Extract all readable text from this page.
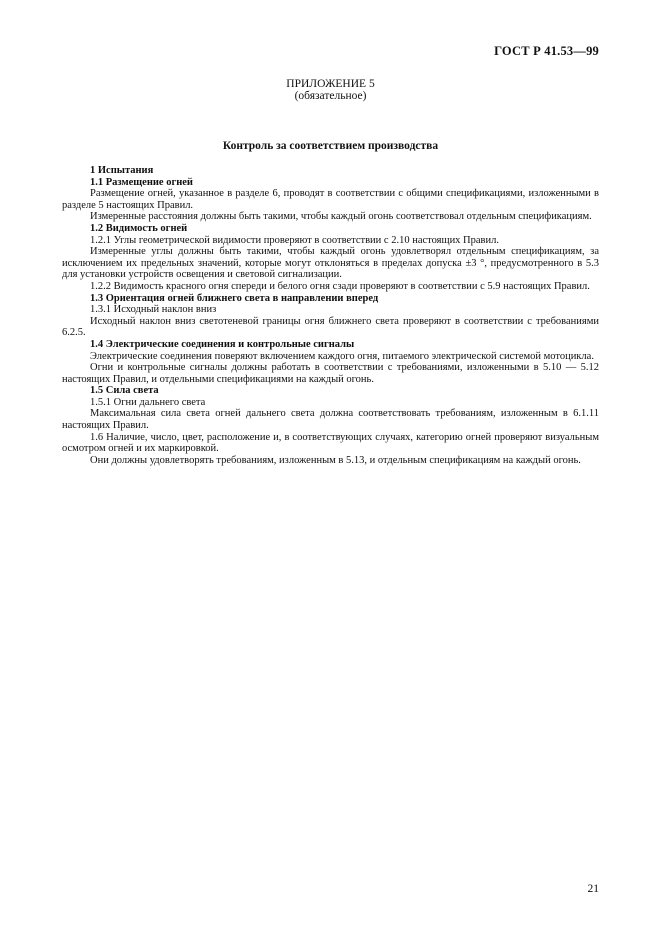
ГОСТ Р 41.53—99
ПРИЛОЖЕНИЕ 5
(обязательное)
Контроль за соответствием производства

1 Испытания

1.1 Размещение огней

Размещение огней, указанное в разделе 6, проводят в соответствии с общими спецификациями, изложенными в разделе 5 настоящих Правил.

Измеренные расстояния должны быть такими, чтобы каждый огонь соответствовал отдельным спецификациям.

1.2 Видимость огней

1.2.1 Углы геометрической видимости проверяют в соответствии с 2.10 настоящих Правил.

Измеренные углы должны быть такими, чтобы каждый огонь удовлетворял отдельным спецификациям, за исключением их предельных значений, которые могут отклоняться в пределах допуска ±3 °, предусмотренного в 5.3 для установки устройств освещения и световой сигнализации.

1.2.2 Видимость красного огня спереди и белого огня сзади проверяют в соответствии с 5.9 настоящих Правил.

1.3 Ориентация огней ближнего света в направлении вперед

1.3.1 Исходный наклон вниз

Исходный наклон вниз светотеневой границы огня ближнего света проверяют в соответствии с требованиями 6.2.5.

1.4 Электрические соединения и контрольные сигналы

Электрические соединения поверяют включением каждого огня, питаемого электрической системой мотоцикла.

Огни и контрольные сигналы должны работать в соответствии с требованиями, изложенными в 5.10 — 5.12 настоящих Правил, и отдельными спецификациями на каждый огонь.

1.5 Сила света

1.5.1 Огни дальнего света

Максимальная сила света огней дальнего света должна соответствовать требованиям, изложенным в 6.1.11 настоящих Правил.

1.6 Наличие, число, цвет, расположение и, в соответствующих случаях, категорию огней проверяют визуальным осмотром огней и их маркировкой.

Они должны удовлетворять требованиям, изложенным в 5.13, и отдельным спецификациям на каждый огонь.

21
